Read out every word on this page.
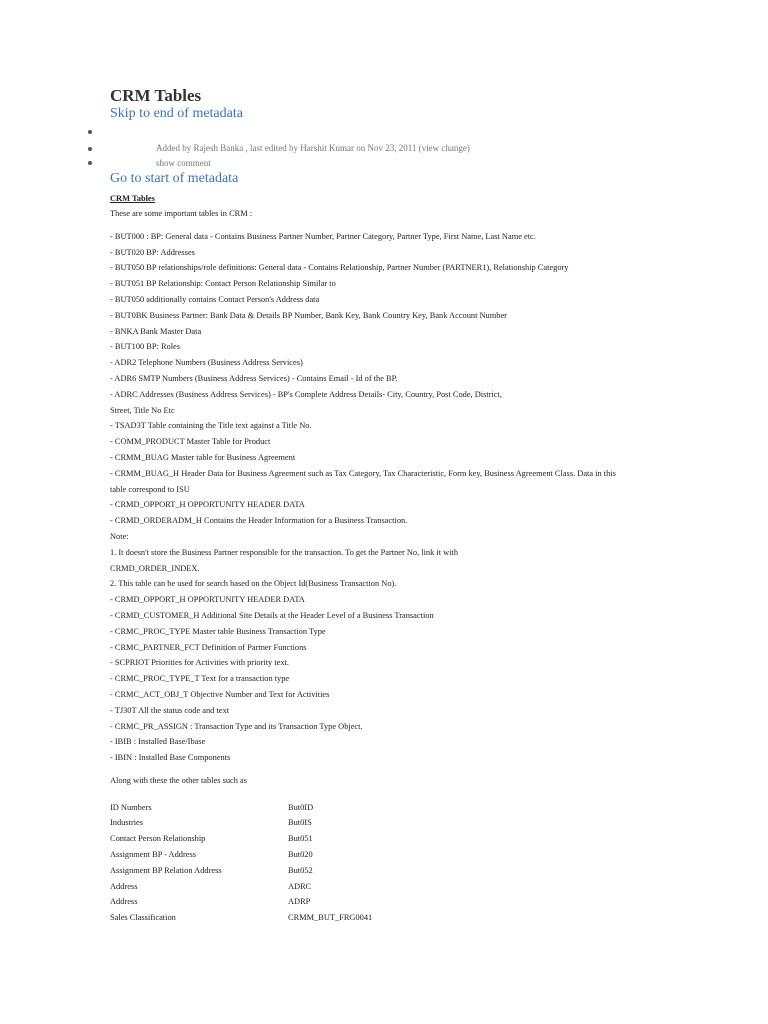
CRM Tables
Skip to end of metadata
Added by Rajesh Banka , last edited by Harshit Kumar on Nov 23, 2011 (view change)
show comment
Go to start of metadata
CRM Tables
These are some important tables in CRM :
- BUT000 : BP: General data - Contains Business Partner Number, Partner Category, Partner Type, First Name, Last Name etc.
- BUT020 BP: Addresses
- BUT050 BP relationships/role definitions: General data - Contains Relationship, Partner Number (PARTNER1), Relationship Category
- BUT051 BP Relationship: Contact Person Relationship Similar to
- BUT050 additionally contains Contact Person's Address data
- BUT0BK Business Partner: Bank Data & Details BP Number, Bank Key, Bank Country Key, Bank Account Number
- BNKA Bank Master Data
- BUT100 BP: Roles
- ADR2 Telephone Numbers (Business Address Services)
- ADR6 SMTP Numbers (Business Address Services) - Contains Email - Id of the BP.
- ADRC Addresses (Business Address Services) - BP's Complete Address Details- City, Country, Post Code, District,
Street, Title No Etc
- TSAD3T Table containing the Title text against a Title No.
- COMM_PRODUCT Master Table for Product
- CRMM_BUAG Master table for Business Agreement
- CRMM_BUAG_H Header Data for Business Agreement such as Tax Category, Tax Characteristic, Form key, Business Agreement Class. Data in this
table correspond to ISU
- CRMD_OPPORT_H OPPORTUNITY HEADER DATA
- CRMD_ORDERADM_H Contains the Header Information for a Business Transaction.
Note:
1. It doesn't store the Business Partner responsible for the transaction. To get the Partner No, link it with
CRMD_ORDER_INDEX.
2. This table can be used for search based on the Object Id(Business Transaction No).
- CRMD_OPPORT_H OPPORTUNITY HEADER DATA
- CRMD_CUSTOMER_H Additional Site Details at the Header Level of a Business Transaction
- CRMC_PROC_TYPE Master table Business Transaction Type
- CRMC_PARTNER_FCT Definition of Partner Functions
- SCPRIOT Priorities for Activities with priority text.
- CRMC_PROC_TYPE_T Text for a transaction type
- CRMC_ACT_OBJ_T Objective Number and Text for Activities
- TJ30T All the status code and text
- CRMC_PR_ASSIGN : Transaction Type and its Transaction Type Object.
- IBIB : Installed Base/Ibase
- IBIN : Installed Base Components
Along with these the other tables such as
ID Numbers	But0ID
Industries	But0IS
Contact Person Relationship	But051
Assignment BP - Address	But020
Assignment BP Relation Address	But052
Address	ADRC
Address	ADRP
Sales Classification	CRMM_BUT_FRG0041
